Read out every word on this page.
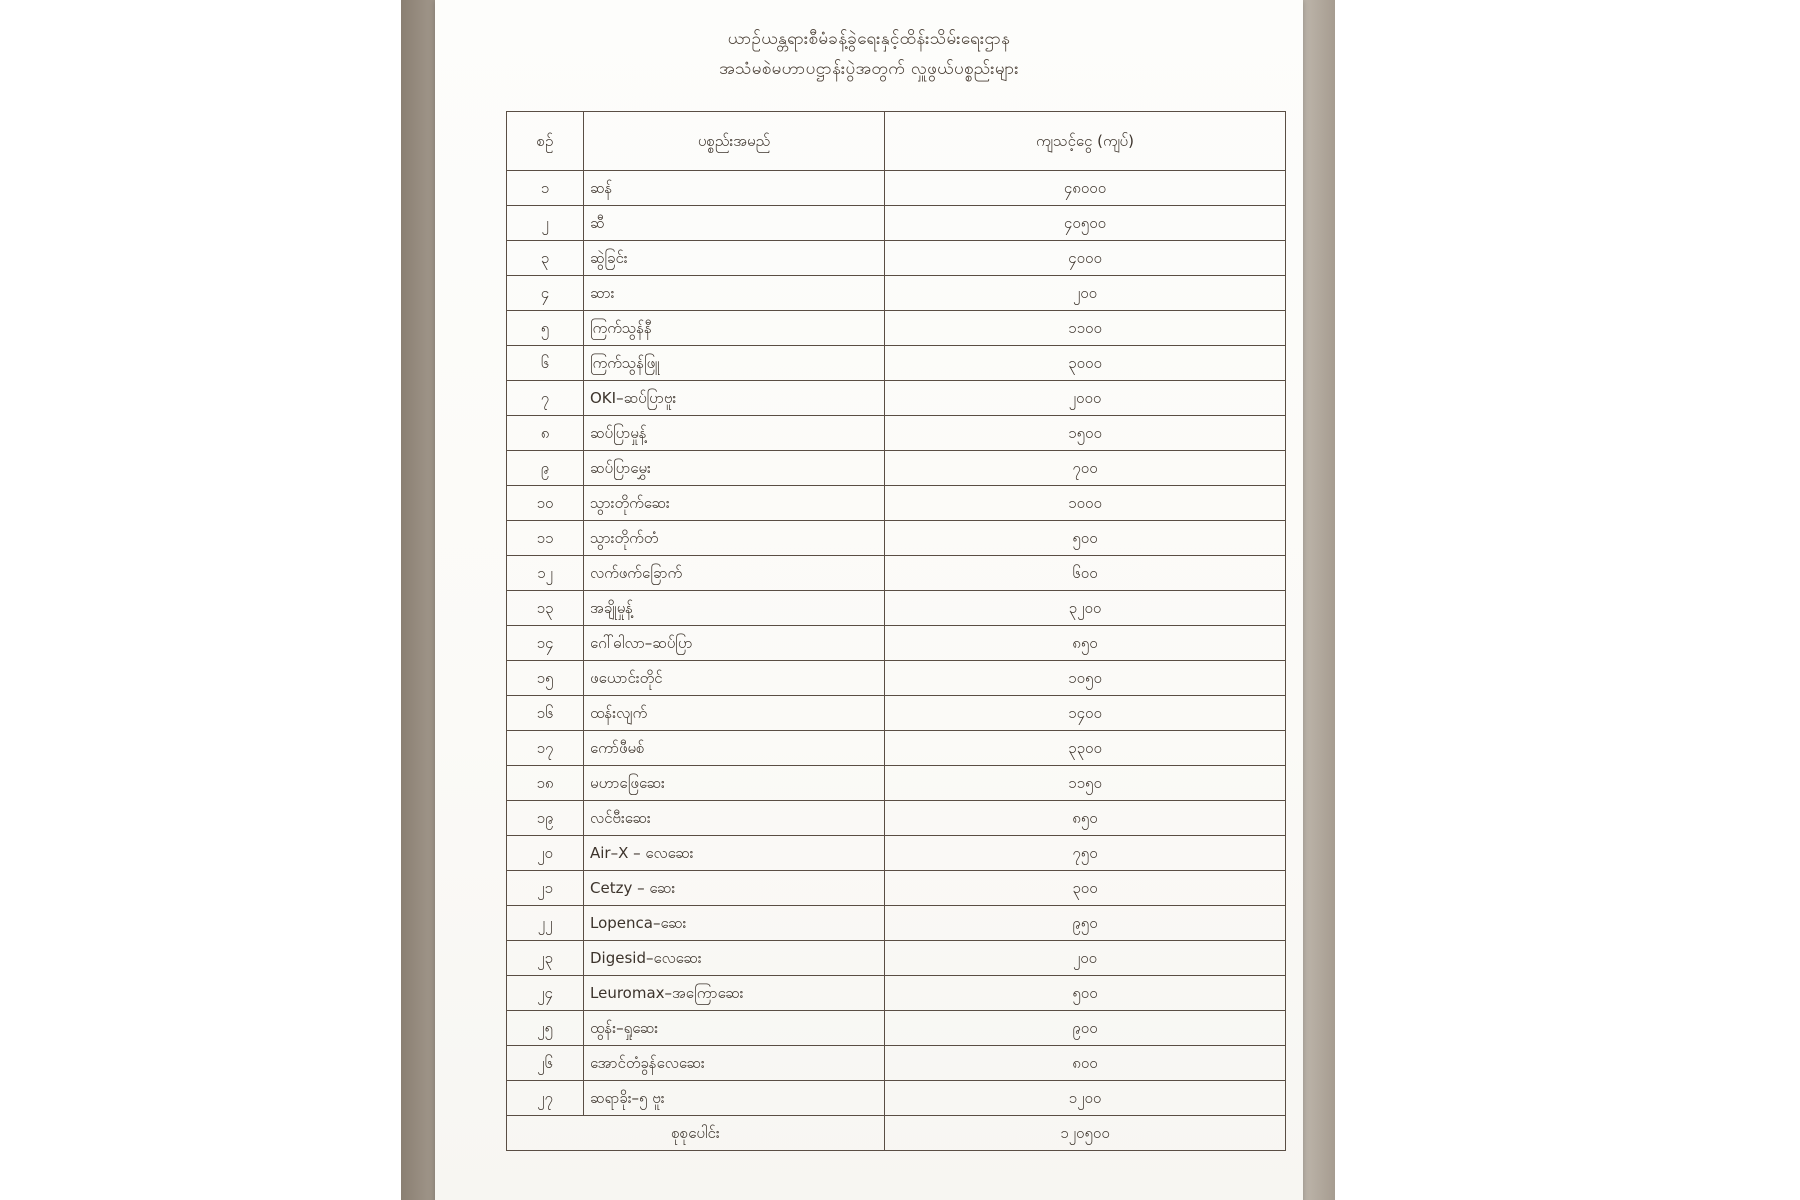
ယာဉ်ယန္တရားစီမံခန့်ခွဲရေးနှင့်ထိန်းသိမ်းရေးဌာန
အသံမစဲမဟာပဋ္ဌာန်းပွဲအတွက် လှူဖွယ်ပစ္စည်းများ
စဉ်	ပစ္စည်းအမည်	ကျသင့်ငွေ (ကျပ်)
၁	ဆန်	၄၈၀၀၀
၂	ဆီ	၄၀၅၀၀
၃	ဆွဲခြင်း	၄၀၀၀
၄	ဆား	၂၀၀
၅	ကြက်သွန်နီ	၁၁၀၀
၆	ကြက်သွန်ဖြူ	၃၀၀၀
၇	OKI–ဆပ်ပြာဗူး	၂၀၀၀
၈	ဆပ်ပြာမှုန့်	၁၅၀၀
၉	ဆပ်ပြာမွှေး	၇၀၀
၁၀	သွားတိုက်ဆေး	၁၀၀၀
၁၁	သွားတိုက်တံ	၅၀၀
၁၂	လက်ဖက်ခြောက်	၆၀၀
၁၃	အချိုမှုန့်	၃၂၀၀
၁၄	ဂေါ်ဓါလာ–ဆပ်ပြာ	၈၅၀
၁၅	ဖယောင်းတိုင်	၁၀၅၀
၁၆	ထန်းလျက်	၁၄၀၀
၁၇	ကော်ဖီမစ်	၃၃၀၀
၁၈	မဟာဖြေဆေး	၁၁၅၀
၁၉	လင်ဗီးဆေး	၈၅၀
၂၀	Air–X – လေဆေး	၇၅၀
၂၁	Cetzy – ဆေး	၃၀၀
၂၂	Lopenca–ဆေး	၉၅၀
၂၃	Digesid–လေဆေး	၂၀၀
၂၄	Leuromax–အကြောဆေး	၅၀၀
၂၅	ထွန်း–ရှုဆေး	၉၀၀
၂၆	အောင်တံခွန်လေဆေး	၈၀၀
၂၇	ဆရာခိုး–၅ ဗူး	၁၂၀၀
စုစုပေါင်း		၁၂၀၅၀၀
